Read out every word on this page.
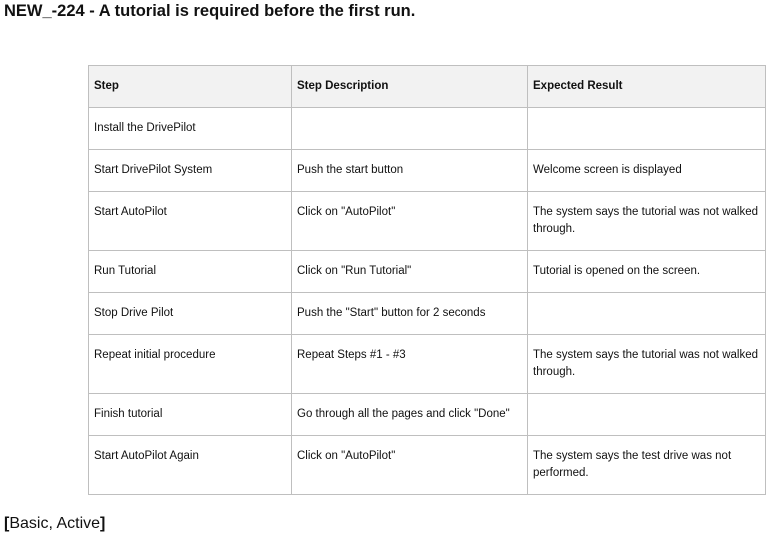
NEW_-224 - A tutorial is required before the first run.
Step	Step Description	Expected Result
Install the DrivePilot		
Start DrivePilot System	Push the start button	Welcome screen is displayed
Start AutoPilot	Click on "AutoPilot"	The system says the tutorial was not walked through.
Run Tutorial	Click on "Run Tutorial"	Tutorial is opened on the screen.
Stop Drive Pilot	Push the "Start" button for 2 seconds	
Repeat initial procedure	Repeat Steps #1 - #3	The system says the tutorial was not walked through.
Finish tutorial	Go through all the pages and click "Done"	
Start AutoPilot Again	Click on "AutoPilot"	The system says the test drive was not performed.
[Basic, Active]
